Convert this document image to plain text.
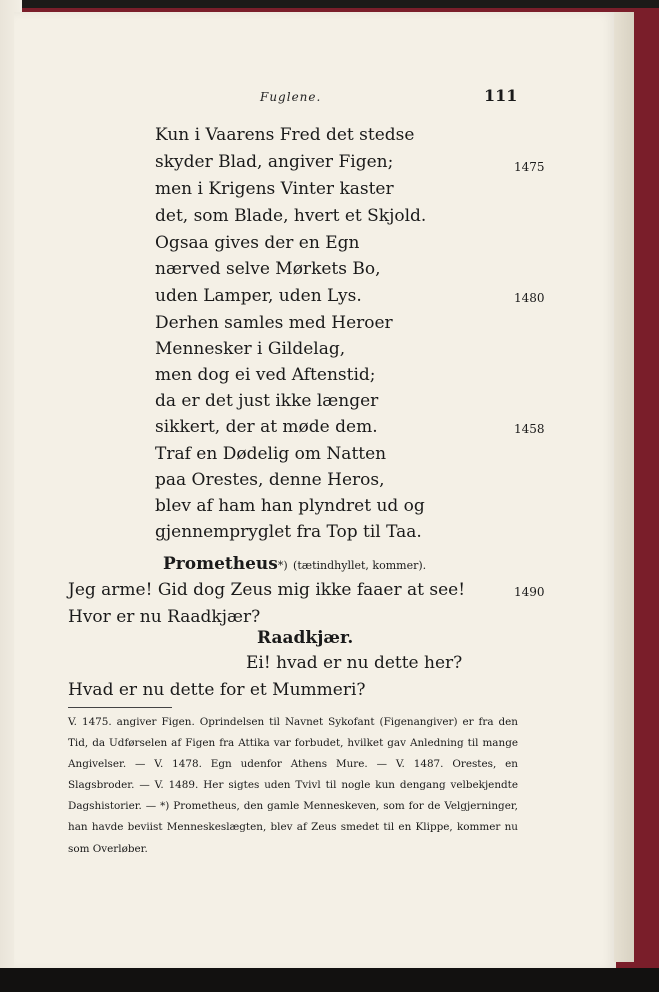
Fuglene.	111
Kun i Vaarens Fred det stedse
skyder Blad, angiver Figen;
men i Krigens Vinter kaster
det, som Blade, hvert et Skjold.
Ogsaa gives der en Egn
nærved selve Mørkets Bo,
uden Lamper, uden Lys.
Derhen samles med Heroer
Mennesker i Gildelag,
men dog ei ved Aftenstid;
da er det just ikke længer
sikkert, der at møde dem.
Traf en Dødelig om Natten
paa Orestes, denne Heros,
blev af ham han plyndret ud og
gjennempryglet fra Top til Taa.
1475
1480
1458
1490
Prometheus*) (tætindhyllet, kommer).
Jeg arme! Gid dog Zeus mig ikke faaer at see!
Hvor er nu Raadkjær?
Raadkjær.
Ei! hvad er nu dette her?
Hvad er nu dette for et Mummeri?
V. 1475. angiver Figen. Oprindelsen til Navnet Sykofant (Figenangiver) er fra den Tid, da Udførselen af Figen fra Attika var forbudet, hvilket gav Anledning til mange Angivelser. — V. 1478. Egn udenfor Athens Mure. — V. 1487. Orestes, en Slagsbroder. — V. 1489. Her sigtes uden Tvivl til nogle kun dengang velbekjendte Dagshistorier. — *) Prometheus, den gamle Menneskeven, som for de Velgjerninger, han havde beviist Menneskeslægten, blev af Zeus smedet til en Klippe, kommer nu som Overløber.
